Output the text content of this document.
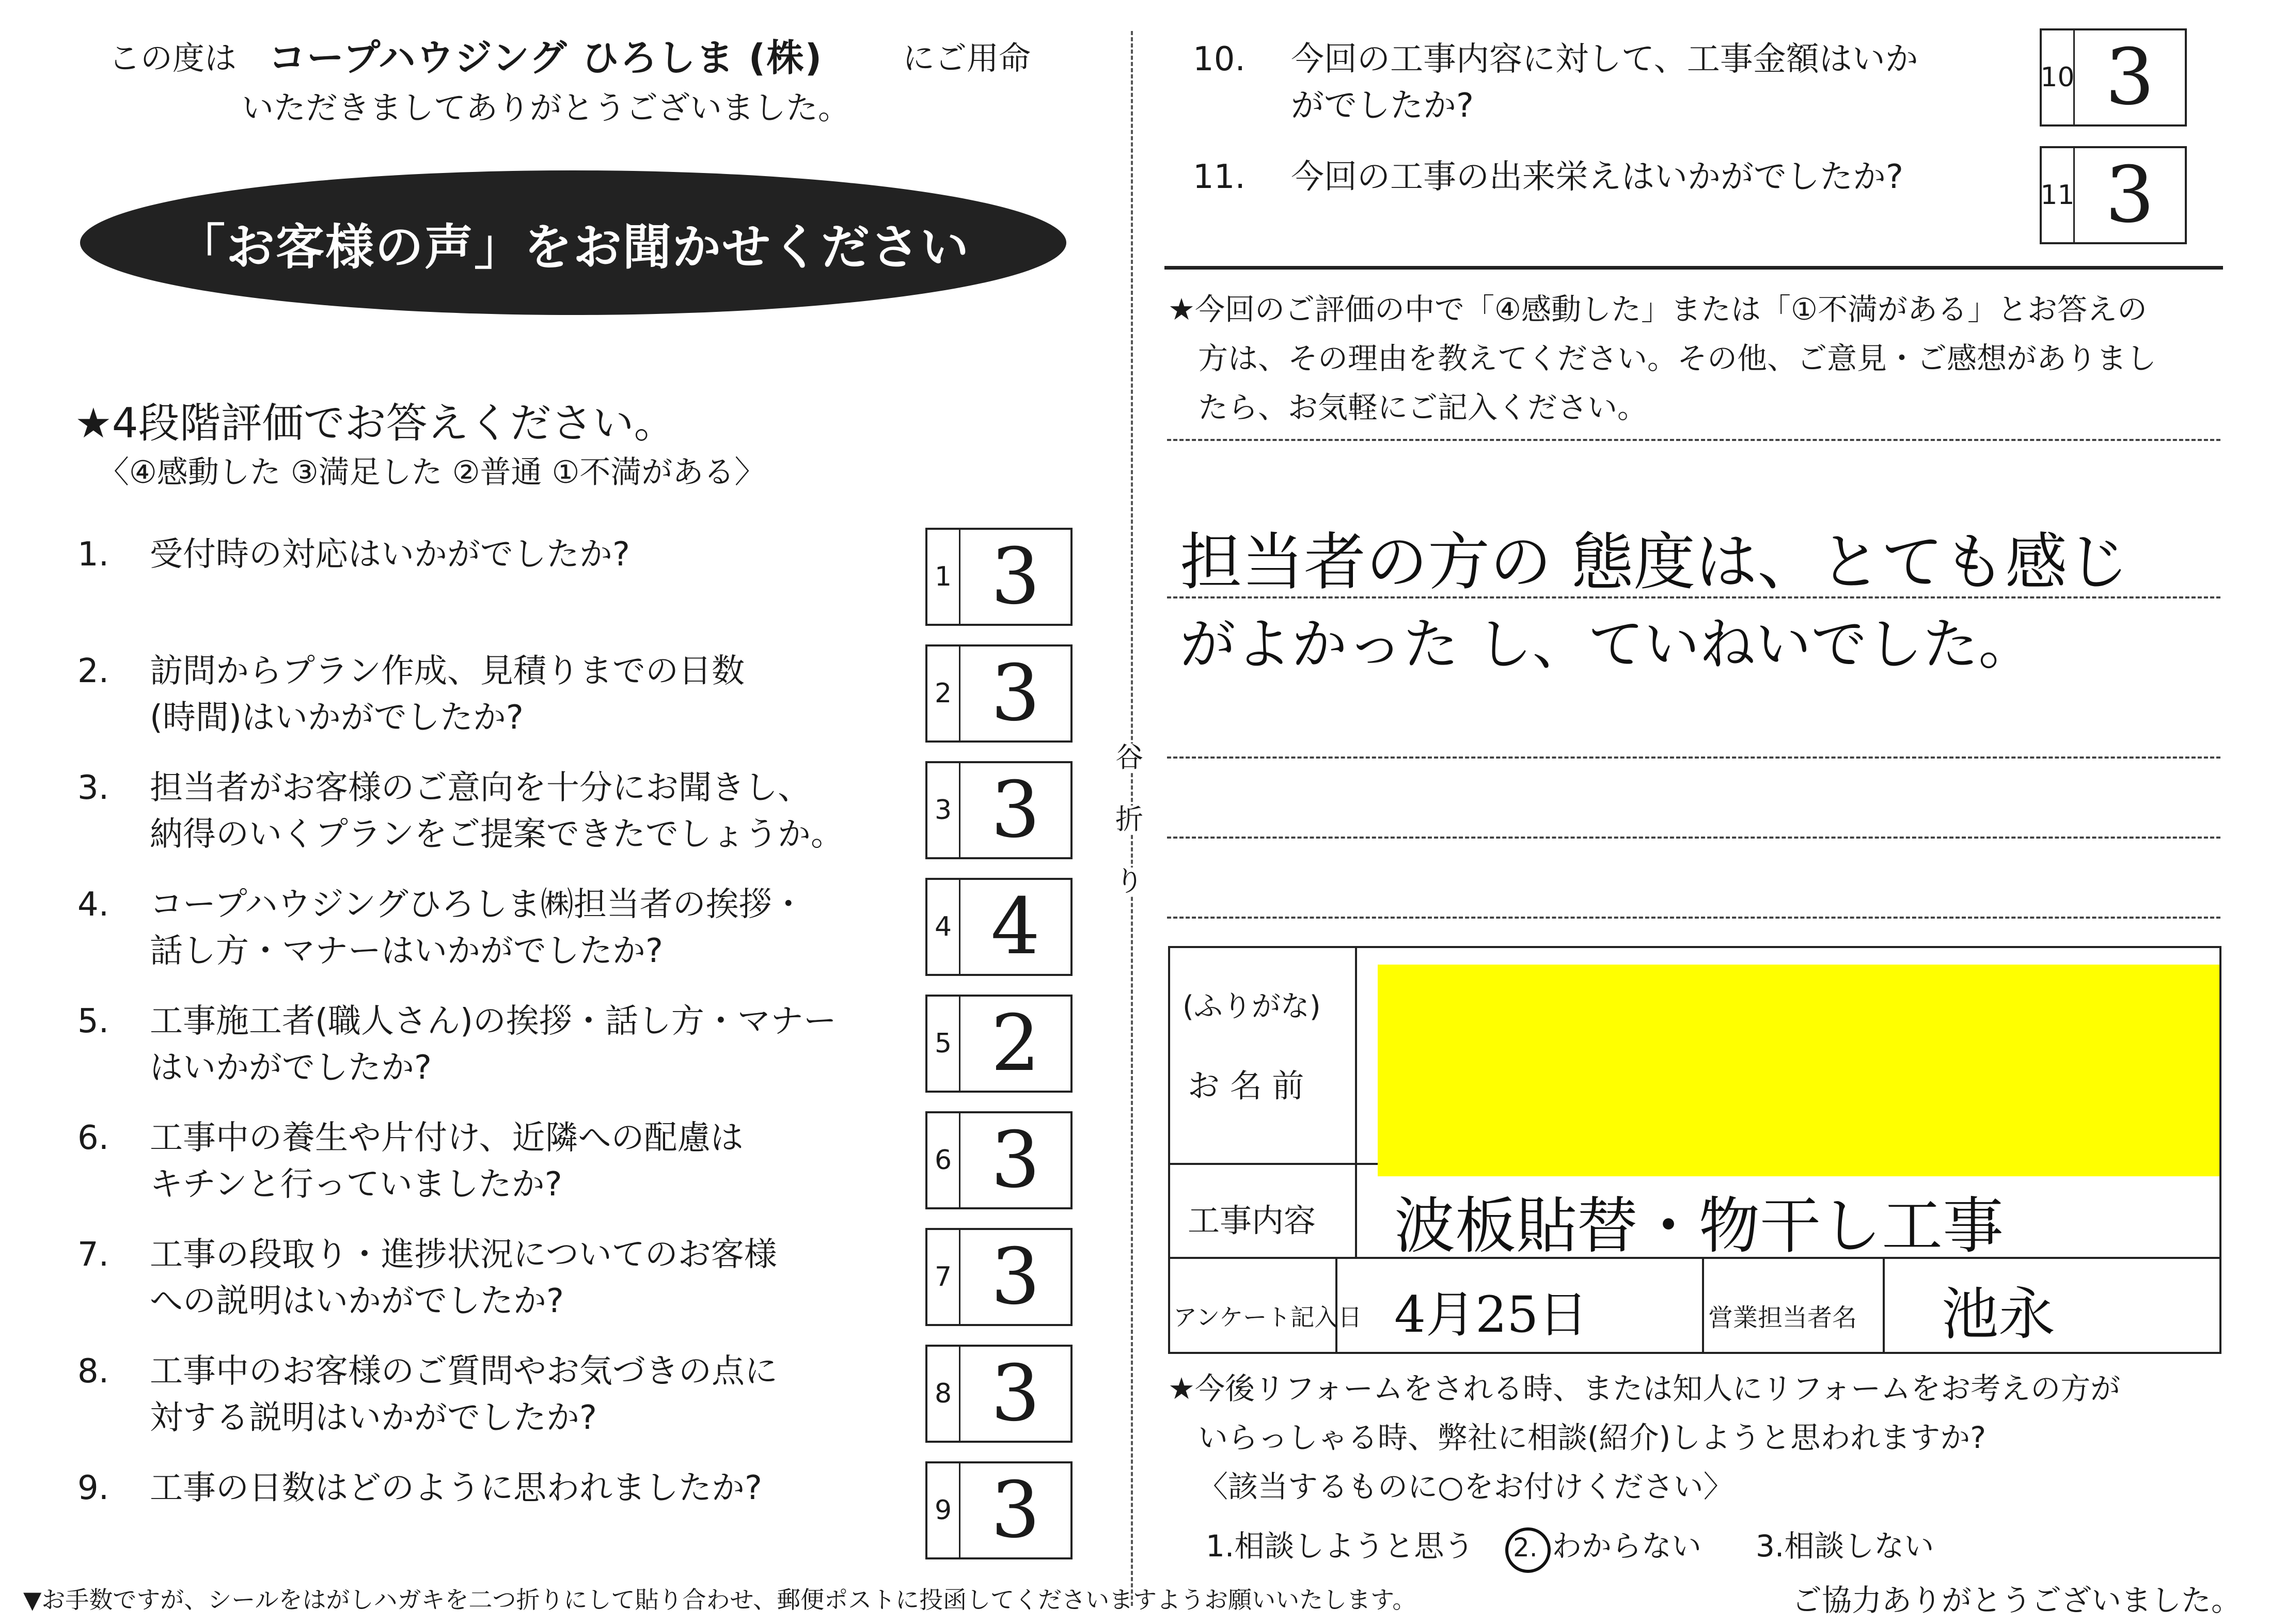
この度は コープハウジング ひろしま (株) にご用命
いただきましてありがとうございました。
「お客様の声」をお聞かせください
★4段階評価でお答えください。
〈④感動した ③満足した ②普通 ①不満がある〉
1. 受付時の対応はいかがでしたか?
1 3
2. 訪問からプラン作成、見積りまでの日数
(時間)はいかがでしたか?
2 3
3. 担当者がお客様のご意向を十分にお聞きし、
納得のいくプランをご提案できたでしょうか。
3 3
4. コープハウジングひろしま㈱担当者の挨拶・
話し方・マナーはいかがでしたか?
4 4
5. 工事施工者(職人さん)の挨拶・話し方・マナー
はいかがでしたか?
5 2
6. 工事中の養生や片付け、近隣への配慮は
キチンと行っていましたか?
6 3
7. 工事の段取り・進捗状況についてのお客様
への説明はいかがでしたか?
7 3
8. 工事中のお客様のご質問やお気づきの点に
対する説明はいかがでしたか?
8 3
9. 工事の日数はどのように思われましたか?
9 3
谷
折
り
10. 今回の工事内容に対して、工事金額はいか
がでしたか?
10 3
11. 今回の工事の出来栄えはいかがでしたか?	11 3
★今回のご評価の中で「④感動した」または「①不満がある」とお答えの
方は、その理由を教えてください。その他、ご意見・ご感想がありまし
たら、お気軽にご記入ください。
担当者の方の 態度は、とても感じ
がよかった し、ていねいでした。
(ふりがな)
お 名 前
工事内容 波板貼替・物干し工事
アンケート記入日 4月25日	営業担当者名 池永
★今後リフォームをされる時、または知人にリフォームをお考えの方が
いらっしゃる時、弊社に相談(紹介)しようと思われますか?
〈該当するものに○をお付けください〉
1.相談しようと思う 2. わからない 3.相談しない
▼お手数ですが、シールをはがしハガキを二つ折りにして貼り合わせ、郵便ポストに投函してくださいますようお願いいたします。	ご協力ありがとうございました。
